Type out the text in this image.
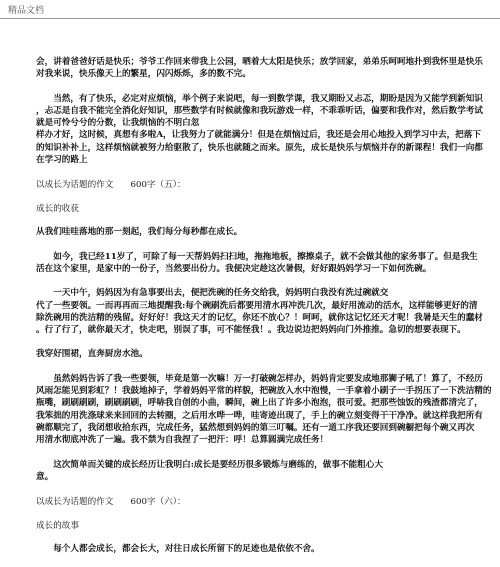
精品文档

会，讲着爸爸好话是快乐；爷爷工作回来带我上公园，晒着大太阳是快乐；放学回家，弟弟乐呵呵地扑到我怀里是快乐
对我来说，快乐像天上的繁星，闪闪烁烁，多的数不完。

　　当然，有了快乐，必定对应烦恼，举个例子来说吧，每一到数学课，我又期盼又忐忑，期盼是因为又能学到新知识
，忐忑是自我不能完全消化好知识，那些数学有时候就像和我玩游戏一样，不乖乖听话，偏要和我作对，然后数学考试
就是可怜兮兮的分数，让我烦恼的不明白忽
样办才好，这时候，真想有多啦A，让我努力了就能满分！但是在烦恼过后，我还是会用心地投入到学习中去，把落下
的知识补补上，这样烦恼就被努力给驱散了，快乐也就随之而来。原先，成长是快乐与烦恼并存的新课程！我们一向都
在学习的路上

以成长为话题的作文　　600字（五）：

成长的收获

从我们哇哇落地的那一刻起，我们每分每秒都在成长。

　　如今，我已经11岁了，可除了每一天帮妈妈扫扫地，拖拖地板，擦擦桌子，就不会做其他的家务事了。但是我生
活在这个家里，是家中的一份子，当然要出份力。我便决定趁这次暑假，好好跟妈妈学习一下如何洗碗。

　　一天中午，妈妈因为有急事要出去，便把洗碗的任务交给我，妈妈明白我没有洗过碗就交
代了一些要领。一而再再而三地提醒我:每个碗刷洗后都要用清水再冲洗几次，最好用流动的活水，这样能够更好的清
除洗碗用的洗洁精的残留。好好好！我这天才的记忆，你还不放心？！呵呵，就你这记忆还天才呢！我暑是天生的蠢材
。行了行了，就你最天才，快走吧，别误了事，可不能怪我！。我边说边把妈妈向门外推推。急切的想要表现下。

我穿好围裙，直奔厨房水池。

　　虽然妈妈告诉了我一些要领，毕竟是第一次嘛！万一打破碗怎样办，妈妈肯定要发成地那狮子吼了！算了，不经历
风雨怎能见到彩虹？！我鼓地掉子，学着妈妈平常的样貌，把碗放入水中泡慢，一手拿着小刷子一手拐压了一下洗洁精的
瓶嘴，刷刷刷刷，刷刷刷刷，呼哧我自创的小曲，瞬间，碗上出了许多小泡泡，很可爱。把那些蚀饭的残渣都清完了，
我笨拙的用洗涤球来来回回的去转圈，之后用水哗一哗，哇寄迹出现了，手上的碗立刻变得干干净净。就这样我把所有
碗都顺完了，我闭想收拾东西，完成任务，猛然想到妈妈的第三叮嘱。还有一道工序我还要回到碗橱把每个碗又再次
用清水彻底冲洗了一遍。我不禁为自我捏了一把汗：呼！总算圆满完成任务！

　　这次简单而关键的成长经历让我明白:成长是要经历很多锻炼与磨练的，做事不能粗心大
意。

以成长为话题的作文　　600字（六）：

成长的故事

　　每个人都会成长，都会长大，对往日成长所留下的足迹也是依依不舍。
